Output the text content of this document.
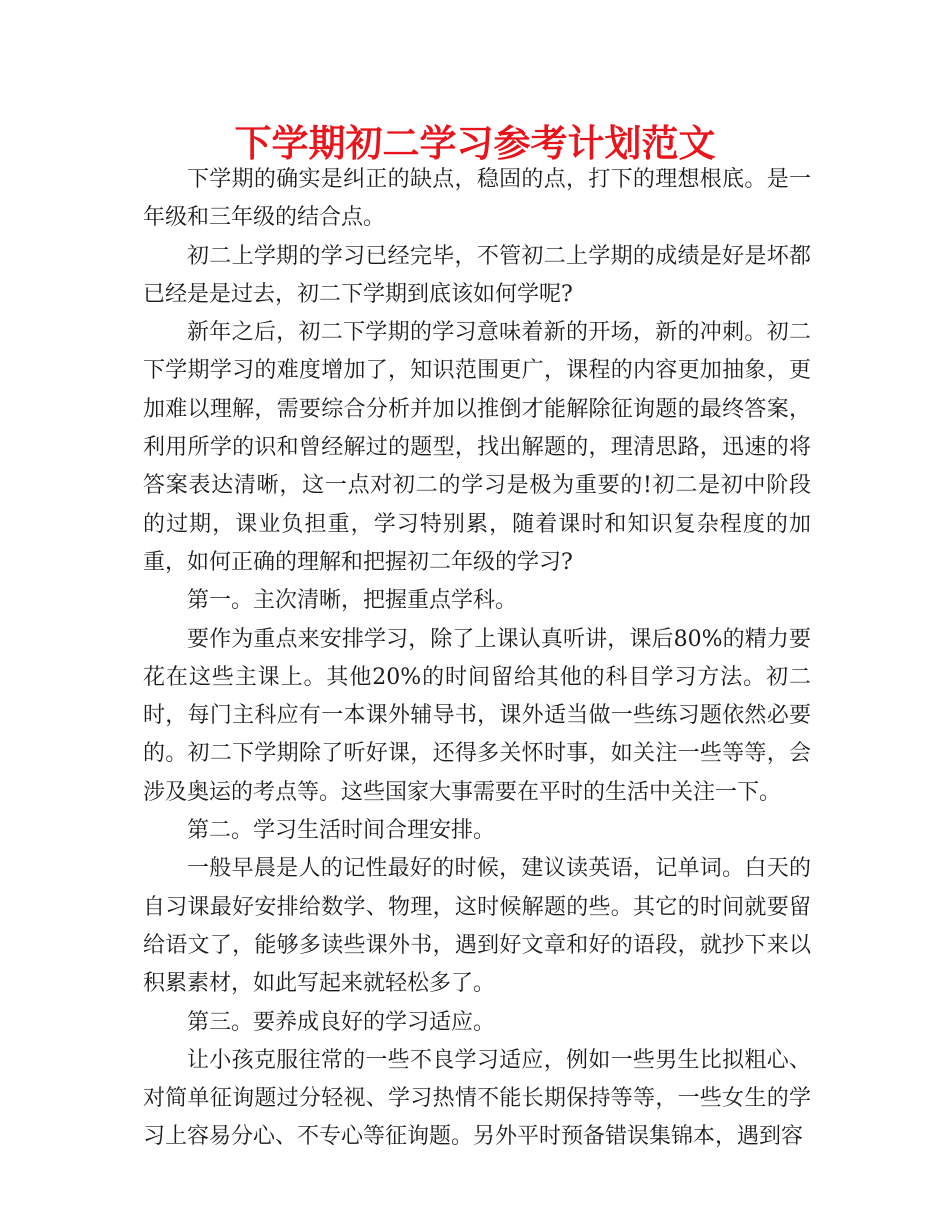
下学期初二学习参考计划范文

下学期的确实是纠正的缺点，稳固的点，打下的理想根底。是一年级和三年级的结合点。

初二上学期的学习已经完毕，不管初二上学期的成绩是好是坏都已经是是过去，初二下学期到底该如何学呢?

新年之后，初二下学期的学习意味着新的开场，新的冲刺。初二下学期学习的难度增加了，知识范围更广，课程的内容更加抽象，更加难以理解，需要综合分析并加以推倒才能解除征询题的最终答案，利用所学的识和曾经解过的题型，找出解题的，理清思路，迅速的将答案表达清晰，这一点对初二的学习是极为重要的!初二是初中阶段的过期，课业负担重，学习特别累，随着课时和知识复杂程度的加重，如何正确的理解和把握初二年级的学习?

第一。主次清晰，把握重点学科。

要作为重点来安排学习，除了上课认真听讲，课后80%的精力要花在这些主课上。其他20%的时间留给其他的科目学习方法。初二时，每门主科应有一本课外辅导书，课外适当做一些练习题依然必要的。初二下学期除了听好课，还得多关怀时事，如关注一些等等，会涉及奥运的考点等。这些国家大事需要在平时的生活中关注一下。

第二。学习生活时间合理安排。

一般早晨是人的记性最好的时候，建议读英语，记单词。白天的自习课最好安排给数学、物理，这时候解题的些。其它的时间就要留给语文了，能够多读些课外书，遇到好文章和好的语段，就抄下来以积累素材，如此写起来就轻松多了。

第三。要养成良好的学习适应。

让小孩克服往常的一些不良学习适应，例如一些男生比拟粗心、对简单征询题过分轻视、学习热情不能长期保持等等，一些女生的学习上容易分心、不专心等征询题。另外平时预备错误集锦本，遇到容
